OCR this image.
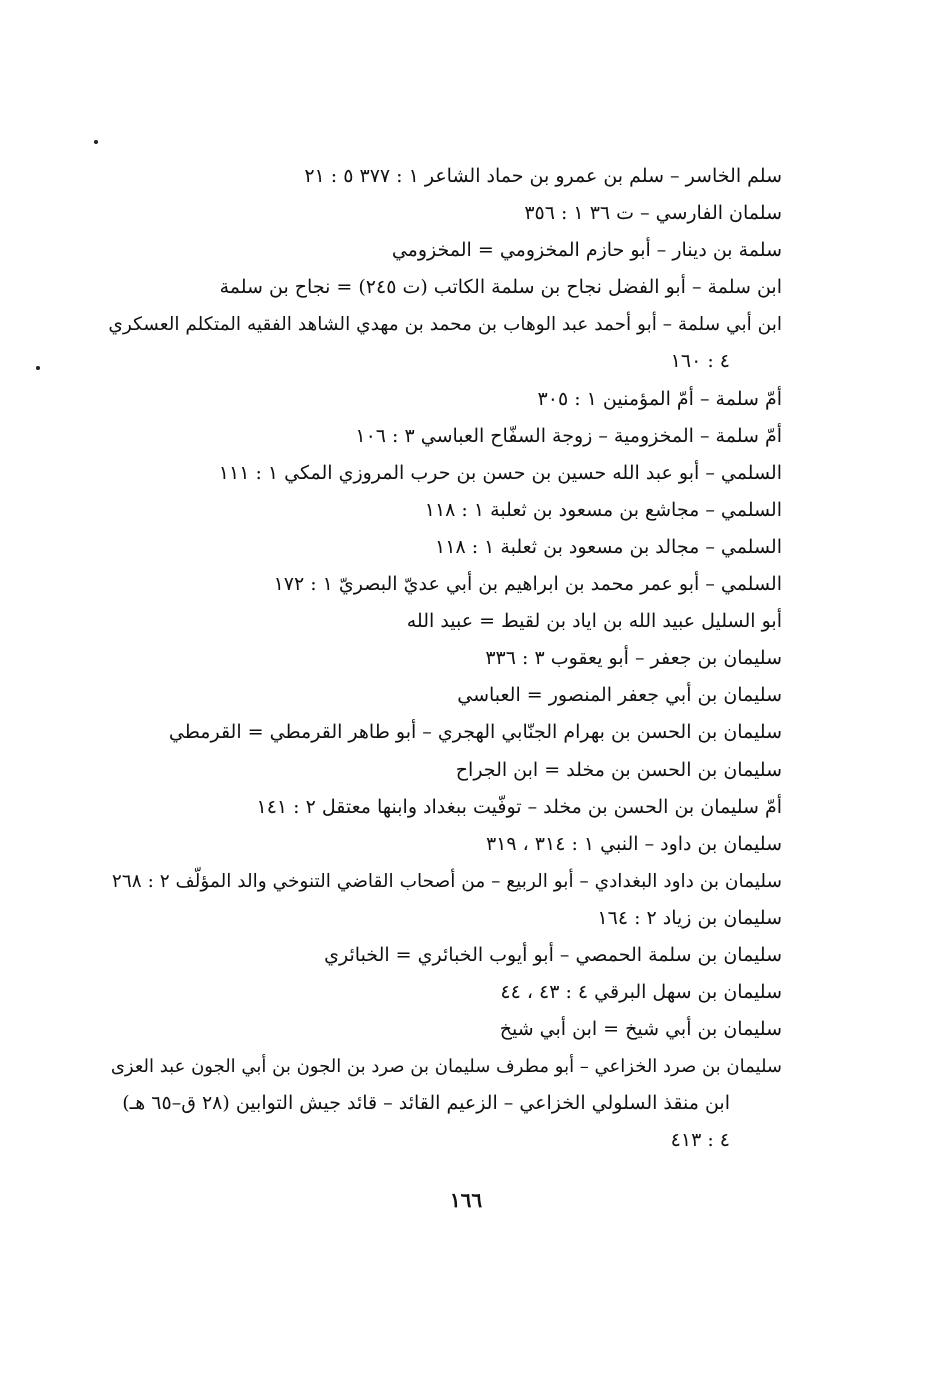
سلم الخاسر – سلم بن عمرو بن حماد الشاعر ١ : ٣٧٧ ٥ : ٢١
سلمان الفارسي – ت ٣٦ ١ : ٣٥٦
سلمة بن دينار – أبو حازم المخزومي = المخزومي
ابن سلمة – أبو الفضل نجاح بن سلمة الكاتب (ت ٢٤٥) = نجاح بن سلمة
ابن أبي سلمة – أبو أحمد عبد الوهاب بن محمد بن مهدي الشاهد الفقيه المتكلم العسكري
٤ : ١٦٠
أمّ سلمة – أمّ المؤمنين ١ : ٣٠٥
أمّ سلمة – المخزومية – زوجة السفّاح العباسي ٣ : ١٠٦
السلمي – أبو عبد الله حسين بن حسن بن حرب المروزي المكي ١ : ١١١
السلمي – مجاشع بن مسعود بن ثعلبة ١ : ١١٨
السلمي – مجالد بن مسعود بن ثعلبة ١ : ١١٨
السلمي – أبو عمر محمد بن ابراهيم بن أبي عديّ البصريّ ١ : ١٧٢
أبو السليل عبيد الله بن اياد بن لقيط = عبيد الله
سليمان بن جعفر – أبو يعقوب ٣ : ٣٣٦
سليمان بن أبي جعفر المنصور = العباسي
سليمان بن الحسن بن بهرام الجنّابي الهجري – أبو طاهر القرمطي = القرمطي
سليمان بن الحسن بن مخلد = ابن الجراح
أمّ سليمان بن الحسن بن مخلد – توفّيت ببغداد وابنها معتقل ٢ : ١٤١
سليمان بن داود – النبي ١ : ٣١٤ ، ٣١٩
سليمان بن داود البغدادي – أبو الربيع – من أصحاب القاضي التنوخي والد المؤلّف ٢ : ٢٦٨
سليمان بن زياد ٢ : ١٦٤
سليمان بن سلمة الحمصي – أبو أيوب الخبائري = الخبائري
سليمان بن سهل البرقي ٤ : ٤٣ ، ٤٤
سليمان بن أبي شيخ = ابن أبي شيخ
سليمان بن صرد الخزاعي – أبو مطرف سليمان بن صرد بن الجون بن أبي الجون عبد العزى
ابن منقذ السلولي الخزاعي – الزعيم القائد – قائد جيش التوابين (٢٨ ق–٦٥ هـ)
٤ : ٤١٣
١٦٦
